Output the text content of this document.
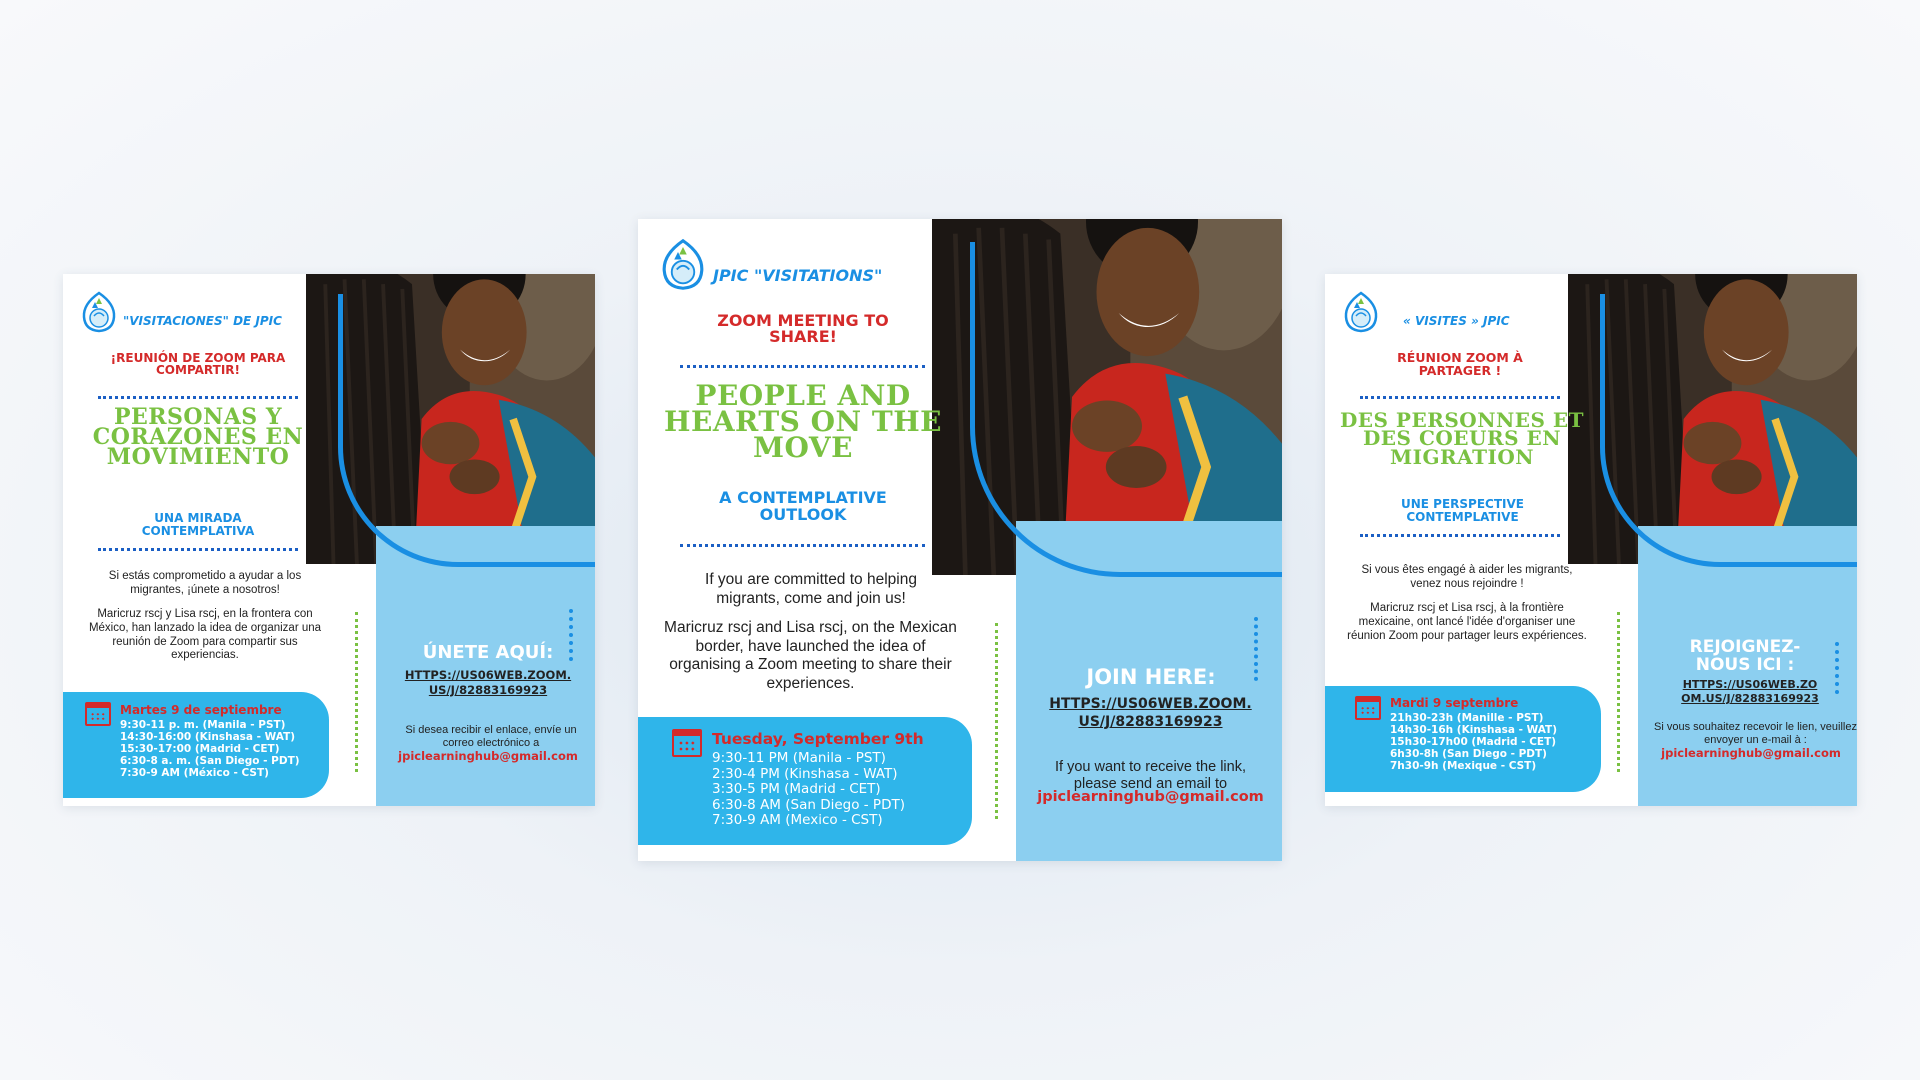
"VISITACIONES" DE JPIC
¡REUNIÓN DE ZOOM PARA COMPARTIR!
PERSONAS Y CORAZONES EN MOVIMIENTO
UNA MIRADA CONTEMPLATIVA
Si estás comprometido a ayudar a los migrantes, ¡únete a nosotros!
Maricruz rscj y Lisa rscj, en la frontera con México, han lanzado la idea de organizar una reunión de Zoom para compartir sus experiencias.
Martes 9 de septiembre
9:30-11 p. m. (Manila - PST)
14:30-16:00 (Kinshasa - WAT)
15:30-17:00 (Madrid - CET)
6:30-8 a. m. (San Diego - PDT)
7:30-9 AM (México - CST)
ÚNETE AQUÍ:
HTTPS://US06WEB.ZOOM. US/J/82883169923
Si desea recibir el enlace, envíe un correo electrónico a
jpiclearninghub@gmail.com
JPIC "VISITATIONS"
ZOOM MEETING TO SHARE!
PEOPLE AND HEARTS ON THE MOVE
A CONTEMPLATIVE OUTLOOK
If you are committed to helping migrants, come and join us!
Maricruz rscj and Lisa rscj, on the Mexican border, have launched the idea of organising a Zoom meeting to share their experiences.
Tuesday, September 9th
9:30-11 PM (Manila - PST)
2:30-4 PM (Kinshasa - WAT)
3:30-5 PM (Madrid - CET)
6:30-8 AM (San Diego - PDT)
7:30-9 AM (Mexico - CST)
JOIN HERE:
HTTPS://US06WEB.ZOOM. US/J/82883169923
If you want to receive the link, please send an email to
jpiclearninghub@gmail.com
« VISITES » JPIC
RÉUNION ZOOM À PARTAGER !
DES PERSONNES ET DES COEURS EN MIGRATION
UNE PERSPECTIVE CONTEMPLATIVE
Si vous êtes engagé à aider les migrants, venez nous rejoindre !
Maricruz rscj et Lisa rscj, à la frontière mexicaine, ont lancé l'idée d'organiser une réunion Zoom pour partager leurs expériences.
Mardi 9 septembre
21h30-23h (Manille - PST)
14h30-16h (Kinshasa - WAT)
15h30-17h00 (Madrid - CET)
6h30-8h (San Diego - PDT)
7h30-9h (Mexique - CST)
REJOIGNEZ-NOUS ICI :
HTTPS://US06WEB.ZO OM.US/J/82883169923
Si vous souhaitez recevoir le lien, veuillez envoyer un e-mail à :
jpiclearninghub@gmail.com
